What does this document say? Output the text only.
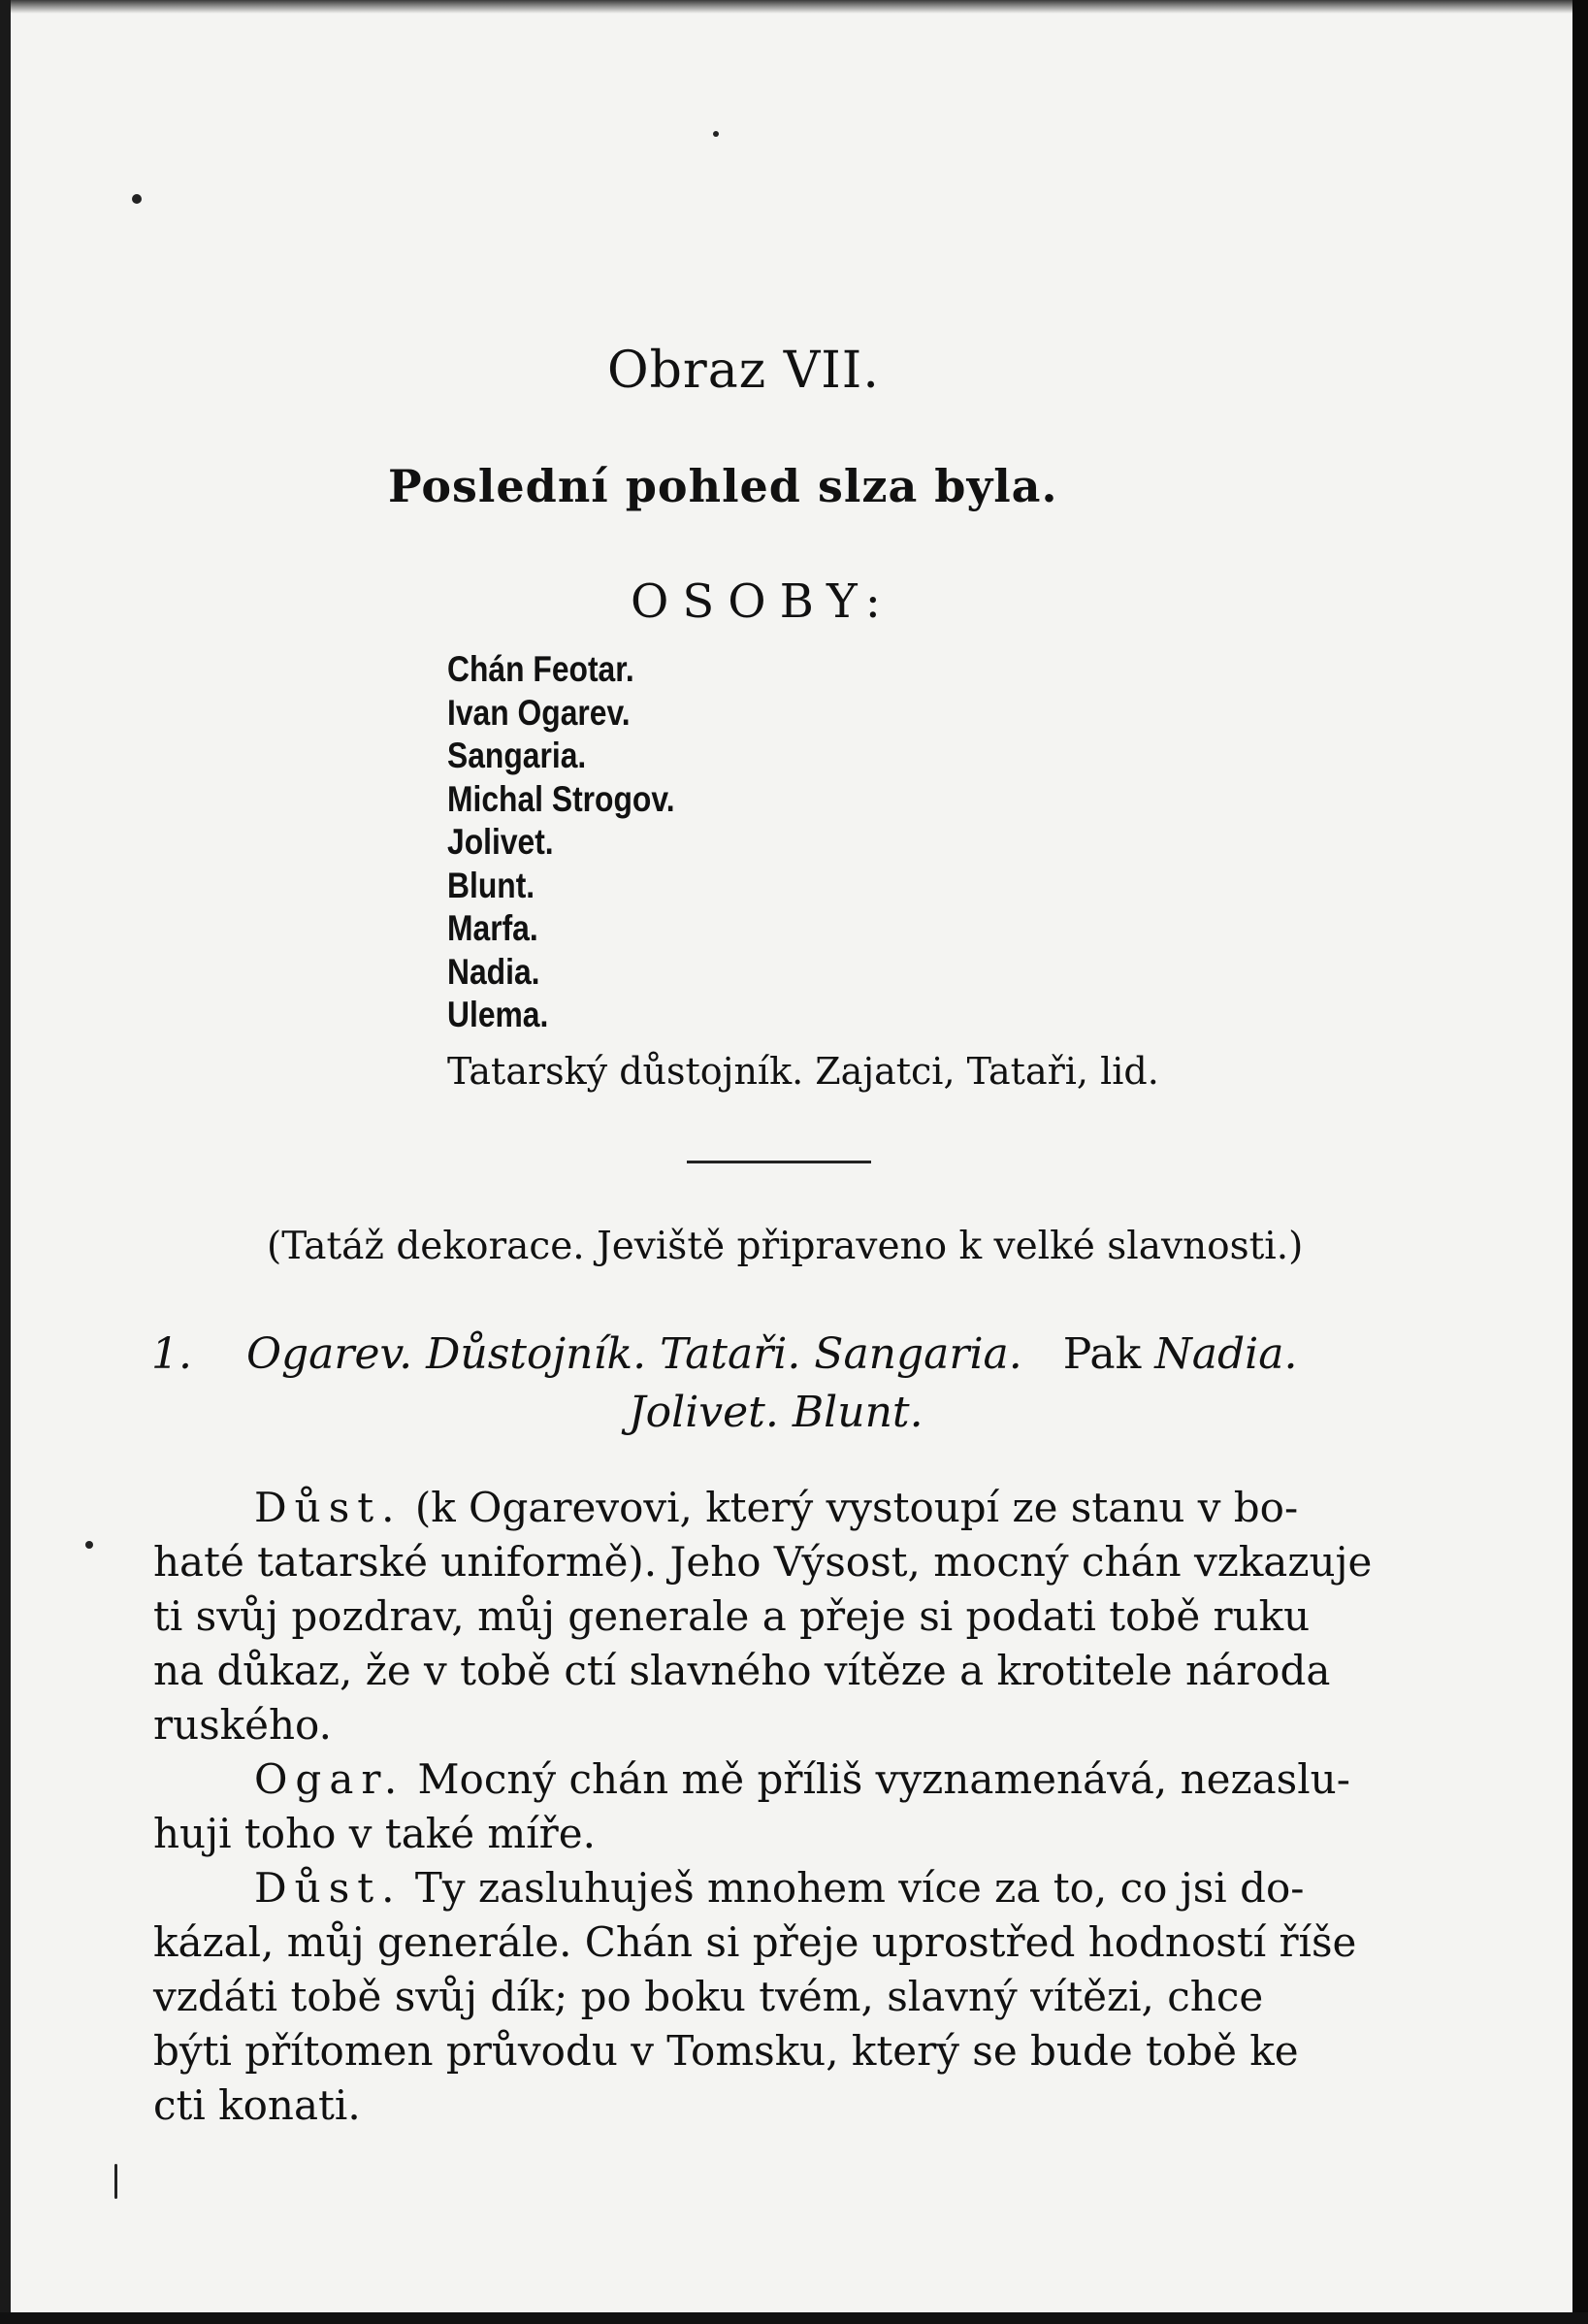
Obraz VII.
Poslední pohled slza byla.
OSOBY:
Chán Feotar.
Ivan Ogarev.
Sangaria.
Michal Strogov.
Jolivet.
Blunt.
Marfa.
Nadia.
Ulema.
Tatarský důstojník. Zajatci, Tataři, lid.
(Tatáž dekorace. Jeviště připraveno k velké slavnosti.)
1. Ogarev. Důstojník. Tataři. Sangaria. Pak Nadia.
Jolivet. Blunt.
Důst. (k Ogarevovi, který vystoupí ze stanu v bo-
haté tatarské uniformě). Jeho Výsost, mocný chán vzkazuje
ti svůj pozdrav, můj generale a přeje si podati tobě ruku
na důkaz, že v tobě ctí slavného vítěze a krotitele národa
ruského.
Ogar. Mocný chán mě příliš vyznamenává, nezaslu-
huji toho v také míře.
Důst. Ty zasluhuješ mnohem více za to, co jsi do-
kázal, můj generále. Chán si přeje uprostřed hodností říše
vzdáti tobě svůj dík; po boku tvém, slavný vítězi, chce
býti přítomen průvodu v Tomsku, který se bude tobě ke
cti konati.
